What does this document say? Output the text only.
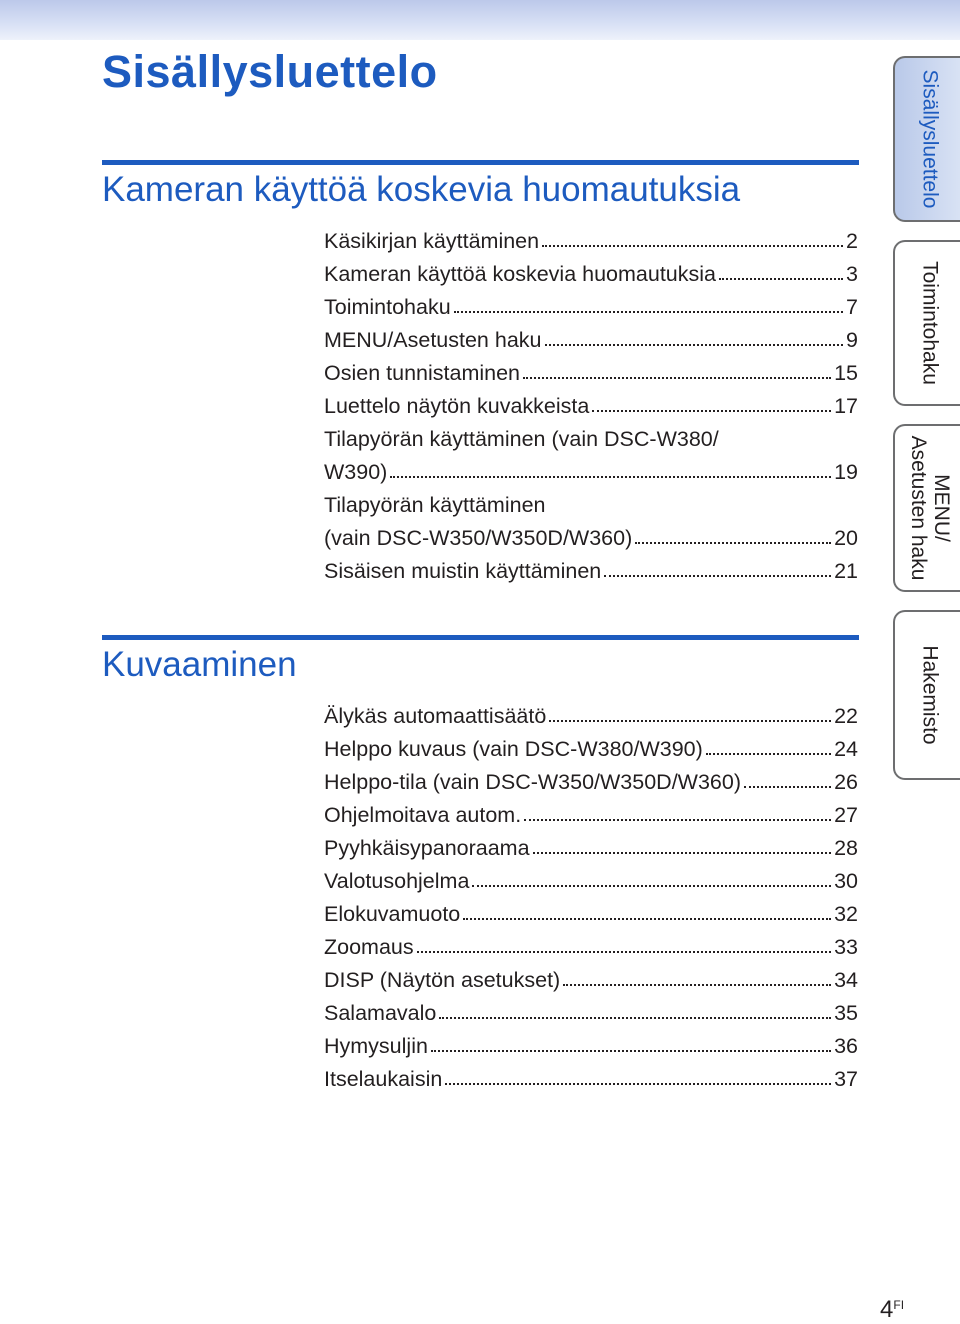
Sisällysluettelo
Kameran käyttöä koskevia huomautuksia
Käsikirjan käyttäminen	2
Kameran käyttöä koskevia huomautuksia	3
Toimintohaku	7
MENU/Asetusten haku	9
Osien tunnistaminen	15
Luettelo näytön kuvakkeista	17
Tilapyörän käyttäminen (vain DSC-W380/
W390)	19
Tilapyörän käyttäminen
(vain DSC-W350/W350D/W360)	20
Sisäisen muistin käyttäminen	21
Kuvaaminen
Älykäs automaattisäätö	22
Helppo kuvaus (vain DSC-W380/W390)	24
Helppo-tila (vain DSC-W350/W350D/W360)	26
Ohjelmoitava autom.	27
Pyyhkäisypanoraama	28
Valotusohjelma	30
Elokuvamuoto	32
Zoomaus	33
DISP (Näytön asetukset)	34
Salamavalo	35
Hymysuljin	36
Itselaukaisin	37
Sisällysluettelo
Toimintohaku
MENU/
Asetusten haku
Hakemisto
$4^{FI}$
